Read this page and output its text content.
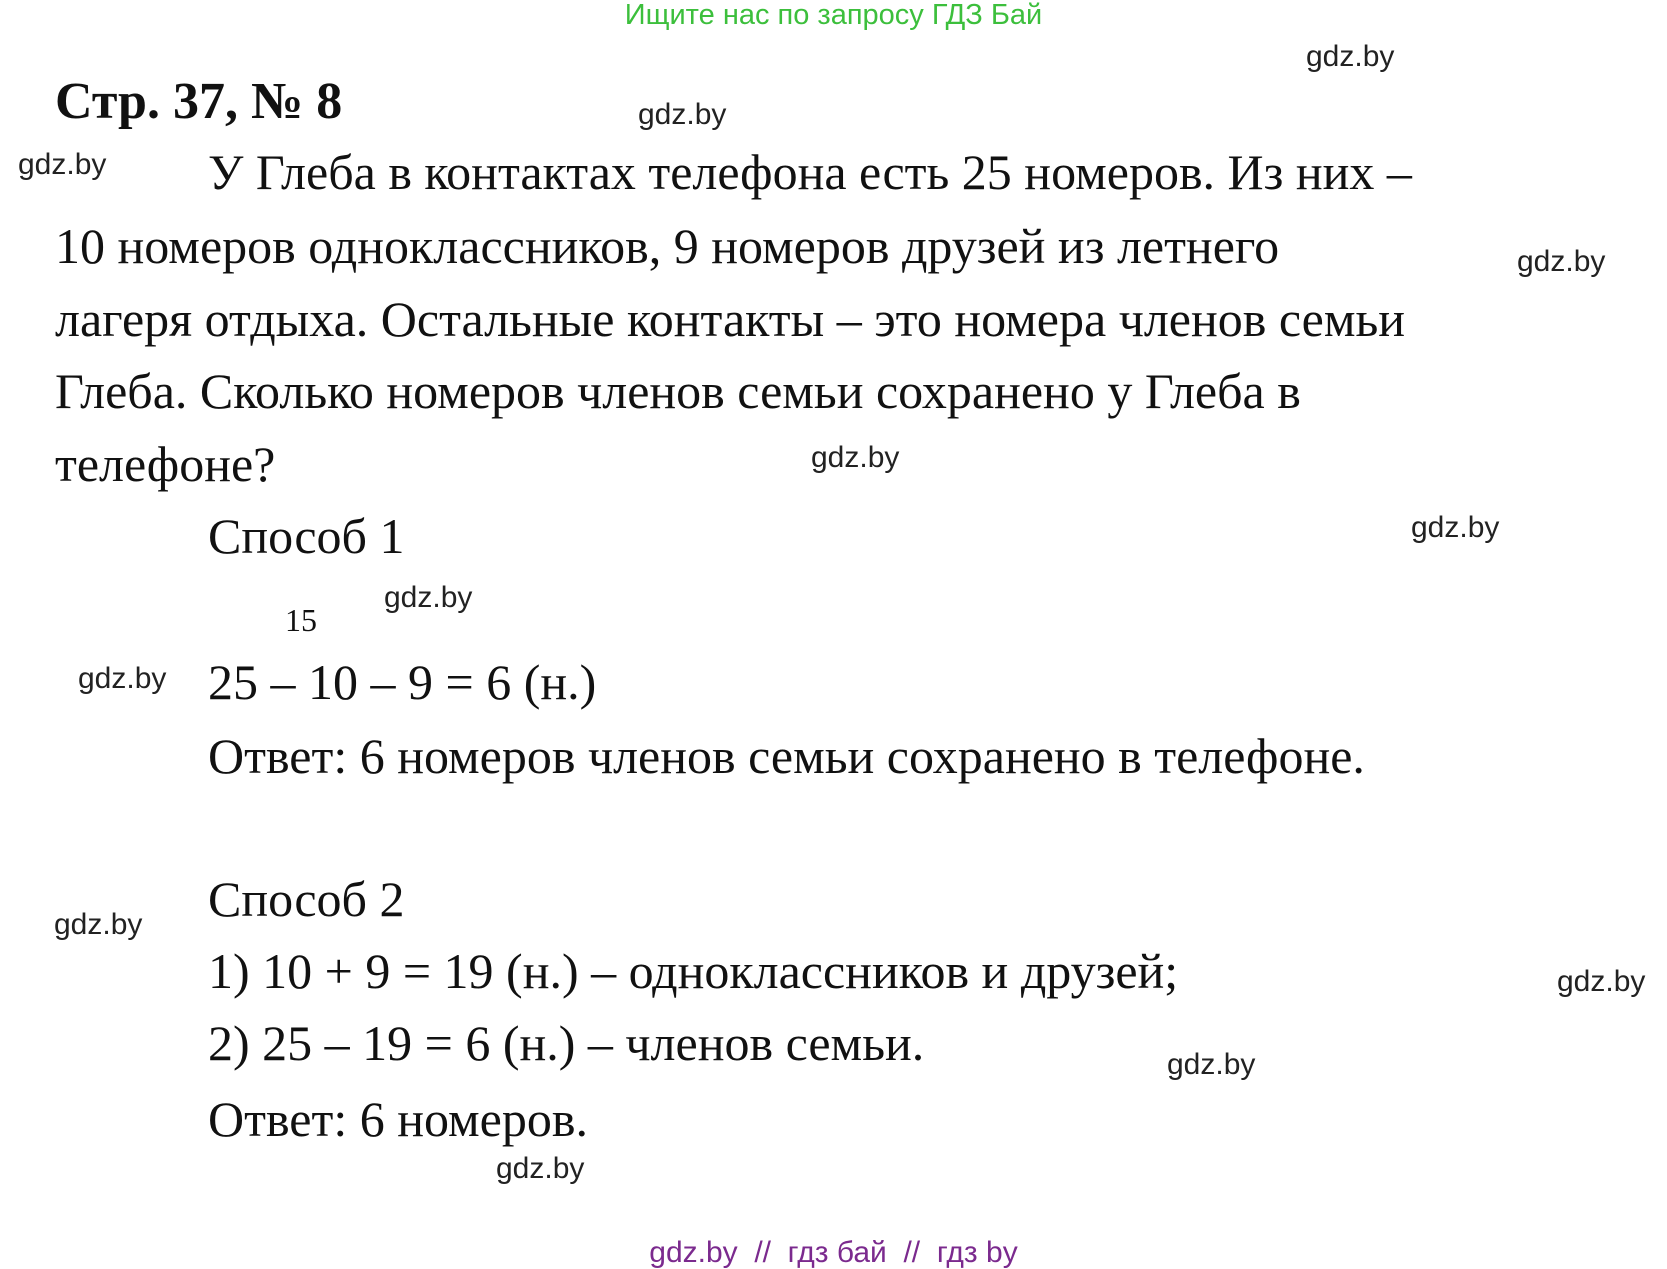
Ищите нас по запросу ГДЗ Бай
gdz.by
gdz.by
gdz.by
gdz.by
gdz.by
gdz.by
gdz.by
gdz.by
gdz.by
gdz.by
gdz.by
gdz.by
Стр. 37, № 8

У Глеба в контактах телефона есть 25 номеров. Из них –

10 номеров одноклассников, 9 номеров друзей из летнего

лагеря отдыха. Остальные контакты – это номера членов семьи

Глеба. Сколько номеров членов семьи сохранено у Глеба в

телефоне?

Способ 1

15

25 – 10 – 9 = 6 (н.)

Ответ: 6 номеров членов семьи сохранено в телефоне.

Способ 2

1) 10 + 9 = 19 (н.) – одноклассников и друзей;

2) 25 – 19 = 6 (н.) – членов семьи.

Ответ: 6 номеров.

gdz.by  //  гдз бай  //  гдз by
